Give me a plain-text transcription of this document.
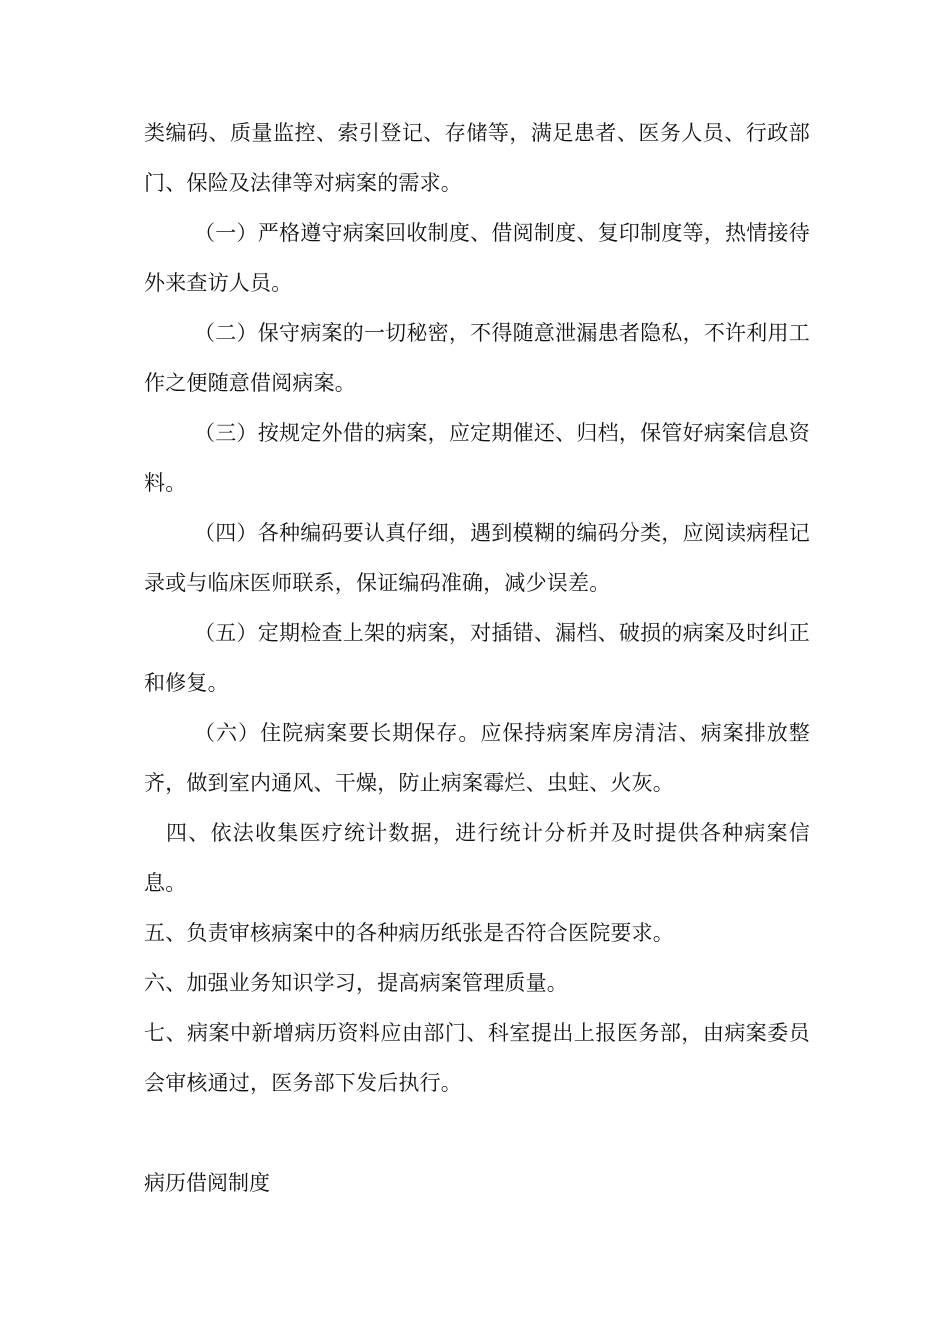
类编码、质量监控、索引登记、存储等，满足患者、医务人员、行政部门、保险及法律等对病案的需求。

（一）严格遵守病案回收制度、借阅制度、复印制度等，热情接待外来查访人员。

（二）保守病案的一切秘密，不得随意泄漏患者隐私，不许利用工作之便随意借阅病案。

（三）按规定外借的病案，应定期催还、归档，保管好病案信息资料。

（四）各种编码要认真仔细，遇到模糊的编码分类，应阅读病程记录或与临床医师联系，保证编码准确，减少误差。

（五）定期检查上架的病案，对插错、漏档、破损的病案及时纠正和修复。

（六）住院病案要长期保存。应保持病案库房清洁、病案排放整齐，做到室内通风、干燥，防止病案霉烂、虫蛀、火灰。

四、依法收集医疗统计数据，进行统计分析并及时提供各种病案信息。

五、负责审核病案中的各种病历纸张是否符合医院要求。

六、加强业务知识学习，提高病案管理质量。

七、病案中新增病历资料应由部门、科室提出上报医务部，由病案委员会审核通过，医务部下发后执行。

病历借阅制度
